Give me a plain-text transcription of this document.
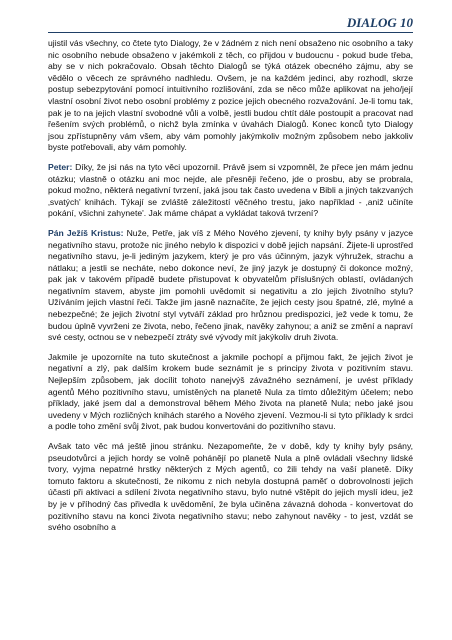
DIALOG 10

ujistil vás všechny, co čtete tyto Dialogy, že v žádném z nich není obsaženo nic osobního a taky nic osobního nebude obsaženo v jakémkoli z těch, co přijdou v budoucnu - pokud bude třeba, aby se v nich pokračovalo. Obsah těchto Dialogů se týká otázek obecného zájmu, aby se vědělo o věcech ze správného nadhledu. Ovšem, je na každém jedinci, aby rozhodl, skrze postup sebezpytování pomocí intuitivního rozlišování, zda se něco může aplikovat na jeho/její vlastní osobní život nebo osobní problémy z pozice jejich obecného rozvažování. Je-li tomu tak, pak je to na jejich vlastní svobodné vůli a volbě, jestli budou chtít dále postoupit a pracovat nad řešením svých problémů, o nichž byla zmínka v úvahách Dialogů. Konec konců tyto Dialogy jsou zpřístupněny vám všem, aby vám pomohly jakýmkoliv možným způsobem nebo jakkoliv byste potřebovali, aby vám pomohly.

Peter: Díky, že jsi nás na tyto věci upozornil. Právě jsem si vzpomněl, že přece jen mám jednu otázku; vlastně o otázku ani moc nejde, ale přesněji řečeno, jde o prosbu, aby se probrala, pokud možno, některá negativní tvrzení, jaká jsou tak často uvedena v Bibli a jiných takzvaných ‚svatých' knihách. Týkají se zvláště záležitostí věčného trestu, jako například - ‚aniž učiníte pokání, všichni zahynete'. Jak máme chápat a vykládat taková tvrzení?

Pán Ježíš Kristus: Nuže, Petře, jak víš z Mého Nového zjevení, ty knihy byly psány v jazyce negativního stavu, protože nic jiného nebylo k dispozici v době jejich napsání. Žijete-li uprostřed negativního stavu, je-li jediným jazykem, který je pro vás účinným, jazyk výhružek, strachu a nátlaku; a jestli se necháte, nebo dokonce neví, že jiný jazyk je dostupný či dokonce možný, pak jak v takovém případě budete přistupovat k obyvatelům příslušných oblastí, ovládaných negativním stavem, abyste jim pomohli uvědomit si negativitu a zlo jejich životního stylu? Užíváním jejich vlastní řeči. Takže jim jasně naznačíte, že jejich cesty jsou špatné, zlé, mylné a nebezpečné; že jejich životní styl vytváří základ pro hrůznou predispozici, jež vede k tomu, že budou úplně vyvrženi ze života, nebo, řečeno jinak, navěky zahynou; a aniž se změní a napraví své cesty, octnou se v nebezpečí ztráty své vývody mít jakýkoliv druh života.

Jakmile je upozorníte na tuto skutečnost a jakmile pochopí a přijmou fakt, že jejich život je negativní a zlý, pak dalším krokem bude seznámit je s principy života v pozitivním stavu. Nejlepším způsobem, jak docílit tohoto nanejvýš závažného seznámení, je uvést příklady agentů Mého pozitivního stavu, umístěných na planetě Nula za tímto důležitým účelem; nebo příklady, jaké jsem dal a demonstroval během Mého života na planetě Nula; nebo jaké jsou uvedeny v Mých rozličných knihách starého a Nového zjevení. Vezmou-li si tyto příklady k srdci a podle toho změní svůj život, pak budou konvertováni do pozitivního stavu.

Avšak tato věc má ještě jinou stránku. Nezapomeňte, že v době, kdy ty knihy byly psány, pseudotvůrci a jejich hordy se volně pohánějí po planetě Nula a plně ovládali všechny lidské tvory, vyjma nepatrné hrstky některých z Mých agentů, co žili tehdy na vaší planetě. Díky tomuto faktoru a skutečnosti, že nikomu z nich nebyla dostupná paměť o dobrovolnosti jejich účasti při aktivaci a sdílení života negativního stavu, bylo nutné vštěpit do jejich myslí ideu, jež by je v příhodný čas přivedla k uvědomění, že byla učiněna závazná dohoda - konvertovat do pozitivního stavu na konci života negativního stavu; nebo zahynout navěky - to jest, vzdát se svého osobního a
